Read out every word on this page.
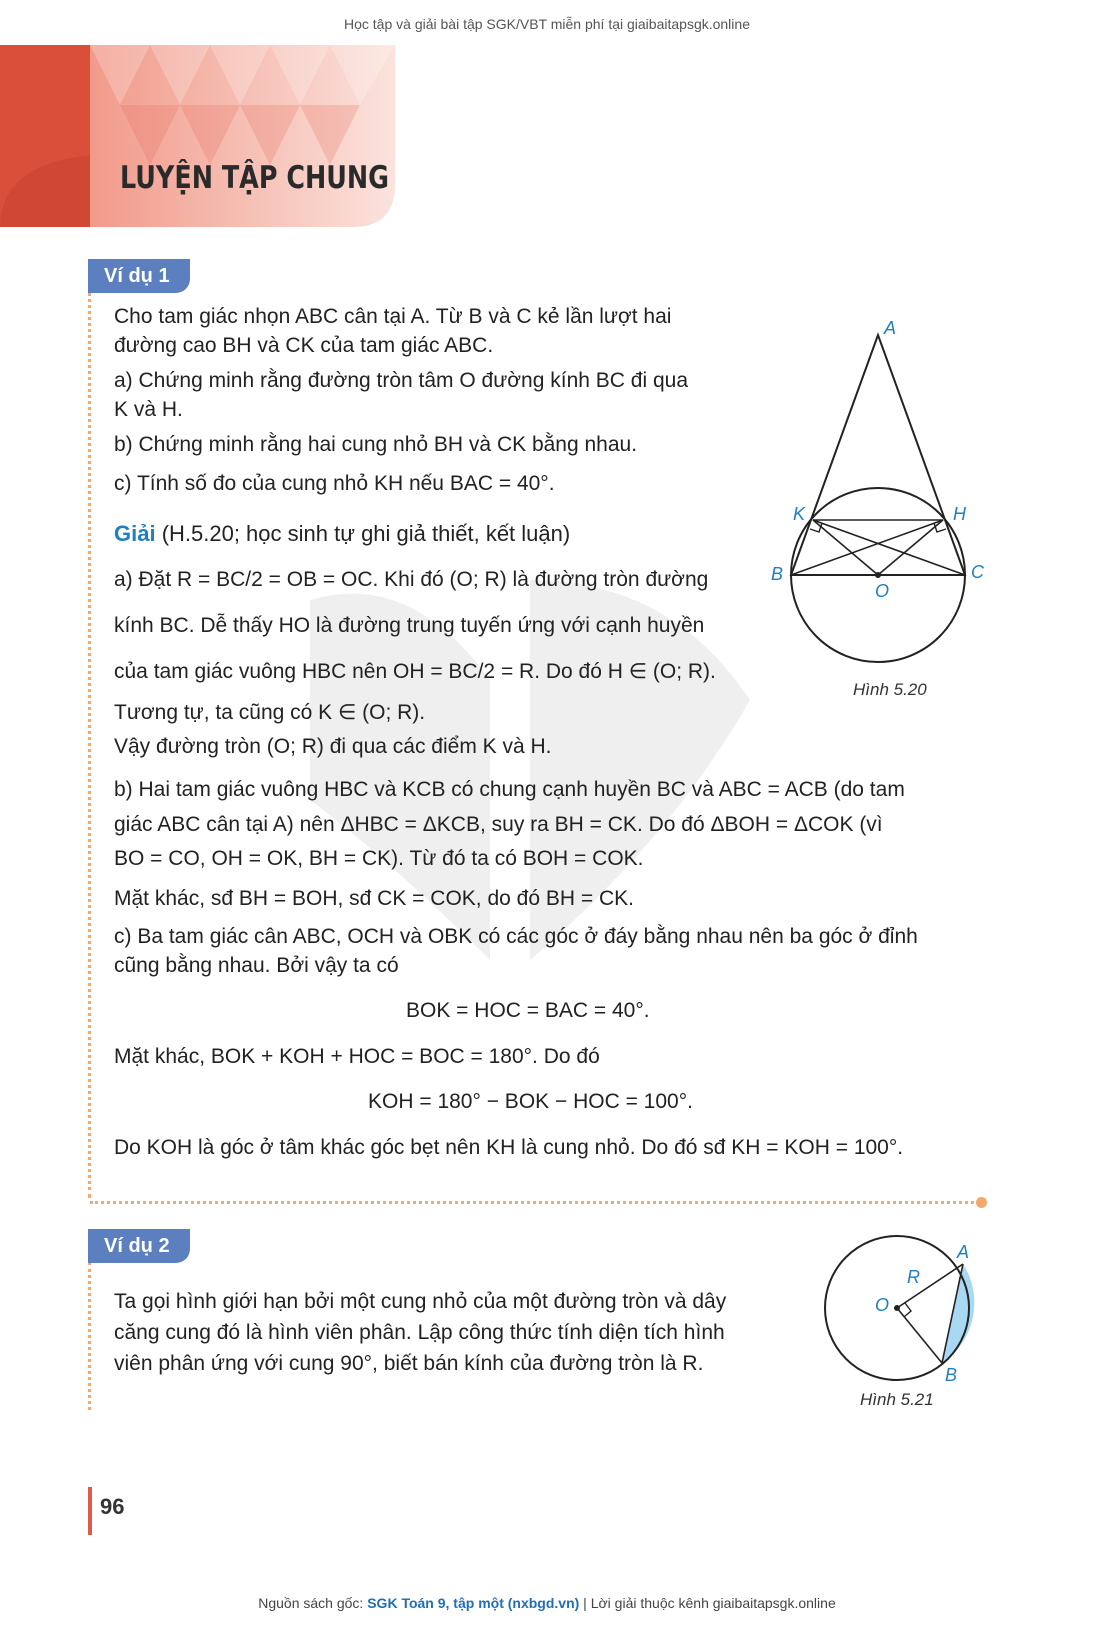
Học tập và giải bài tập SGK/VBT miễn phí tại giaibaitapsgk.online
LUYỆN TẬP CHUNG
Ví dụ 1
Cho tam giác nhọn ABC cân tại A. Từ B và C kẻ lần lượt hai
đường cao BH và CK của tam giác ABC.
a) Chứng minh rằng đường tròn tâm O đường kính BC đi qua
K và H.
b) Chứng minh rằng hai cung nhỏ BH và CK bằng nhau.
c) Tính số đo của cung nhỏ KH nếu BAC = 40°.
Giải (H.5.20; học sinh tự ghi giả thiết, kết luận)
a) Đặt R = BC/2 = OB = OC. Khi đó (O; R) là đường tròn đường
kính BC. Dễ thấy HO là đường trung tuyến ứng với cạnh huyền
của tam giác vuông HBC nên OH = BC/2 = R. Do đó H ∈ (O; R).
Tương tự, ta cũng có K ∈ (O; R).
Vậy đường tròn (O; R) đi qua các điểm K và H.
b) Hai tam giác vuông HBC và KCB có chung cạnh huyền BC và ABC = ACB (do tam
giác ABC cân tại A) nên ΔHBC = ΔKCB, suy ra BH = CK. Do đó ΔBOH = ΔCOK (vì
BO = CO, OH = OK, BH = CK). Từ đó ta có BOH = COK.
Mặt khác, sđ BH = BOH, sđ CK = COK, do đó BH = CK.
c) Ba tam giác cân ABC, OCH và OBK có các góc ở đáy bằng nhau nên ba góc ở đỉnh
cũng bằng nhau. Bởi vậy ta có
BOK = HOC = BAC = 40°.
Mặt khác, BOK + KOH + HOC = BOC = 180°. Do đó
KOH = 180° − BOK − HOC = 100°.
Do KOH là góc ở tâm khác góc bẹt nên KH là cung nhỏ. Do đó sđ KH = KOH = 100°.
A
B	C
H
K
O
Hình 5.20
Ví dụ 2
Ta gọi hình giới hạn bởi một cung nhỏ của một đường tròn và dây
căng cung đó là hình viên phân. Lập công thức tính diện tích hình
viên phân ứng với cung 90°, biết bán kính của đường tròn là R.
A
B
O
R
Hình 5.21
96
Nguồn sách gốc: SGK Toán 9, tập một (nxbgd.vn) | Lời giải thuộc kênh giaibaitapsgk.online
